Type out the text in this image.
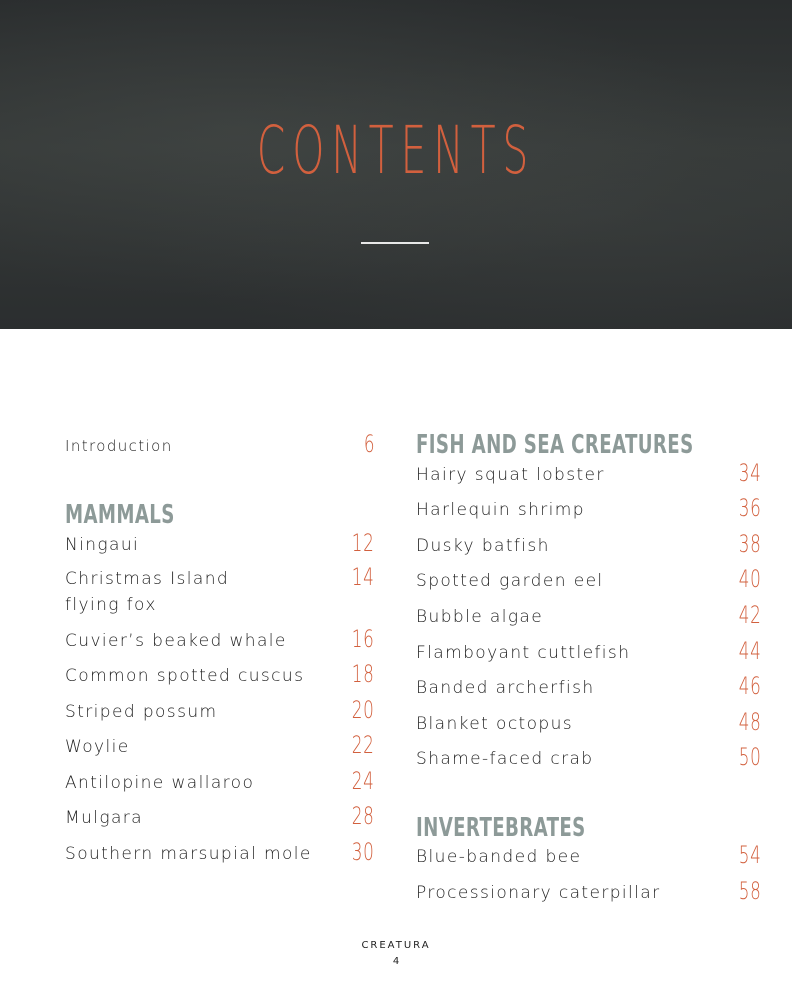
CONTENTS
Introduction	6
MAMMALS
Ningaui	12
Christmas Island
flying fox
14
Cuvier’s beaked whale	16
Common spotted cuscus 18
Striped possum	20
Woylie	22
Antilopine wallaroo	24
Mulgara	28
Southern marsupial mole 30
FISH AND SEA CREATURES
Hairy squat lobster	34
Harlequin shrimp	36
Dusky batfish	38
Spotted garden eel	40
Bubble algae	42
Flamboyant cuttlefish	44
Banded archerfish	46
Blanket octopus	48
Shame-faced crab	50
INVERTEBRATES
Blue-banded bee	54
Processionary caterpillar	58
CREATURA
4
